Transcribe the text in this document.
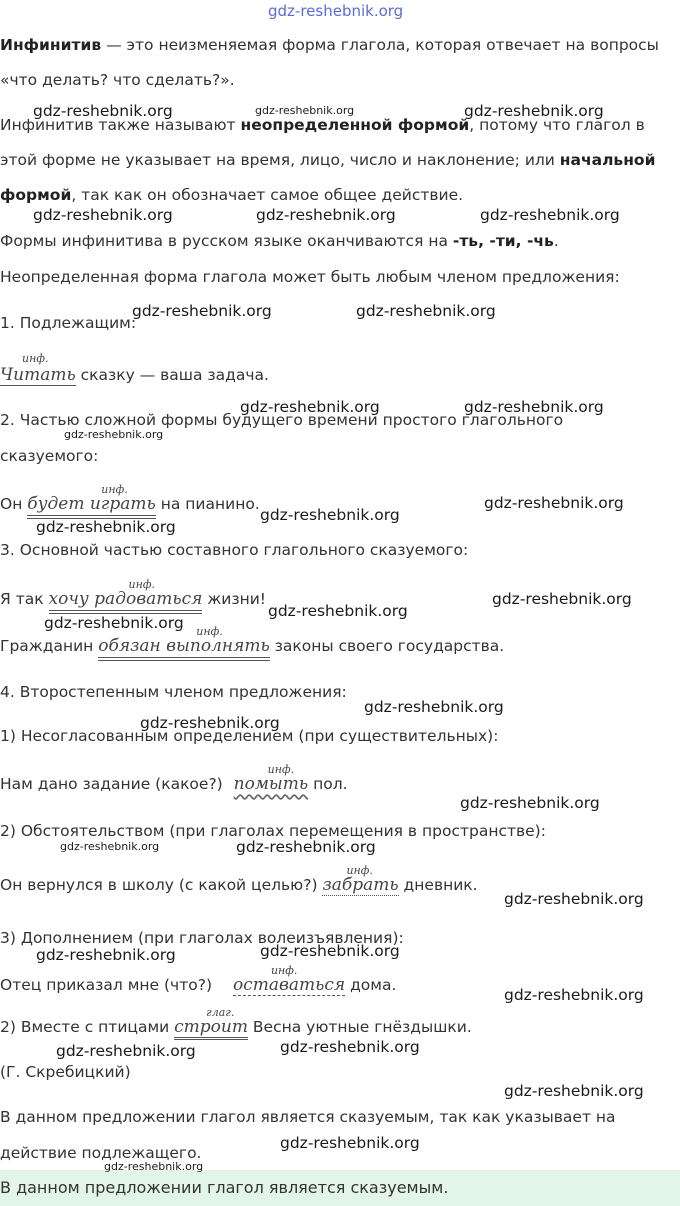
gdz-reshebnik.org
Инфинитив — это неизменяемая форма глагола, которая отвечает на вопросы
«что делать? что сделать?».
Инфинитив также называют неопределенной формой, потому что глагол в
этой форме не указывает на время, лицо, число и наклонение; или начальной
формой, так как он обозначает самое общее действие.
Формы инфинитива в русском языке оканчиваются на -ть, -ти, -чь.
Неопределенная форма глагола может быть любым членом предложения:
1. Подлежащим:
инф.
Читать сказку — ваша задача.
2. Частью сложной формы будущего времени простого глагольного
сказуемого:
Он
инф.
будет играть на пианино.
3. Основной частью составного глагольного сказуемого:
Я так
инф.
хочу радоваться жизни!
Гражданин
инф.
обязан выполнять законы своего государства.
4. Второстепенным членом предложения:
1) Несогласованным определением (при существительных):
Нам дано задание (какое?)
инф.
помыть пол.
2) Обстоятельством (при глаголах перемещения в пространстве):
Он вернулся в школу (с какой целью?)
инф.
забрать дневник.
3) Дополнением (при глаголах волеизъявления):
Отец приказал мне (что?)
инф.
оставаться дома.
2) Вместе с птицами
глаг.
строит Весна уютные гнёздышки.
(Г. Скребицкий)
В данном предложении глагол является сказуемым, так как указывает на
действие подлежащего.
В данном предложении глагол является сказуемым.
gdz-reshebnik.org	gdz-reshebnik.org	gdz-reshebnik.org
gdz-reshebnik.org	gdz-reshebnik.org	gdz-reshebnik.org
gdz-reshebnik.org	gdz-reshebnik.org
gdz-reshebnik.org	gdz-reshebnik.org
gdz-reshebnik.org
gdz-reshebnik.org
gdz-reshebnik.org
gdz-reshebnik.org
gdz-reshebnik.org
gdz-reshebnik.org
gdz-reshebnik.org
gdz-reshebnik.org
gdz-reshebnik.org
gdz-reshebnik.org
gdz-reshebnik.org	gdz-reshebnik.org
gdz-reshebnik.org
gdz-reshebnik.org
gdz-reshebnik.org
gdz-reshebnik.org
gdz-reshebnik.org
gdz-reshebnik.org
gdz-reshebnik.org
gdz-reshebnik.org
gdz-reshebnik.org
